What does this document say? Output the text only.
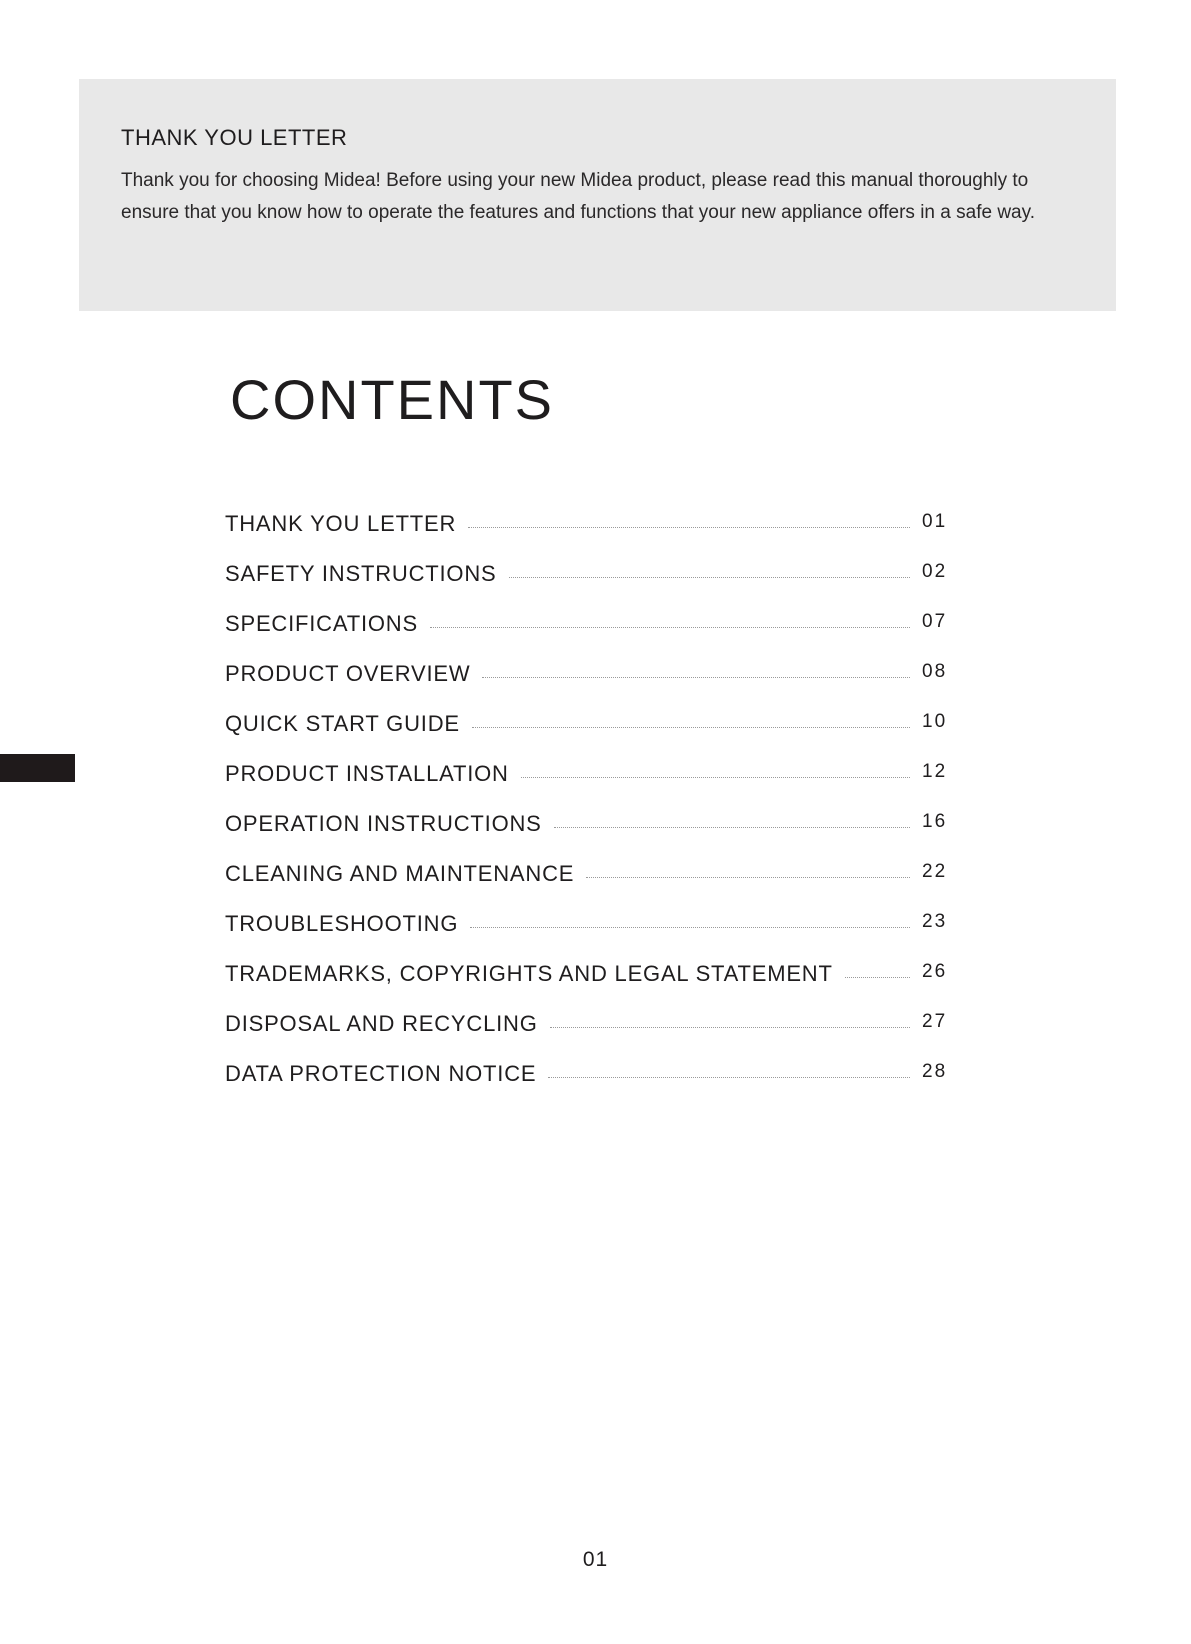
THANK YOU LETTER

Thank you for choosing Midea! Before using your new Midea product, please read this manual thoroughly to ensure that you know how to operate the features and functions that your new appliance offers in a safe way.

CONTENTS
THANK YOU LETTER	01
SAFETY INSTRUCTIONS	02
SPECIFICATIONS	07
PRODUCT OVERVIEW	08
QUICK START GUIDE	10
PRODUCT INSTALLATION	12
OPERATION INSTRUCTIONS	16
CLEANING AND MAINTENANCE	22
TROUBLESHOOTING	23
TRADEMARKS, COPYRIGHTS AND LEGAL STATEMENT	26
DISPOSAL AND RECYCLING	27
DATA PROTECTION NOTICE	28
01
